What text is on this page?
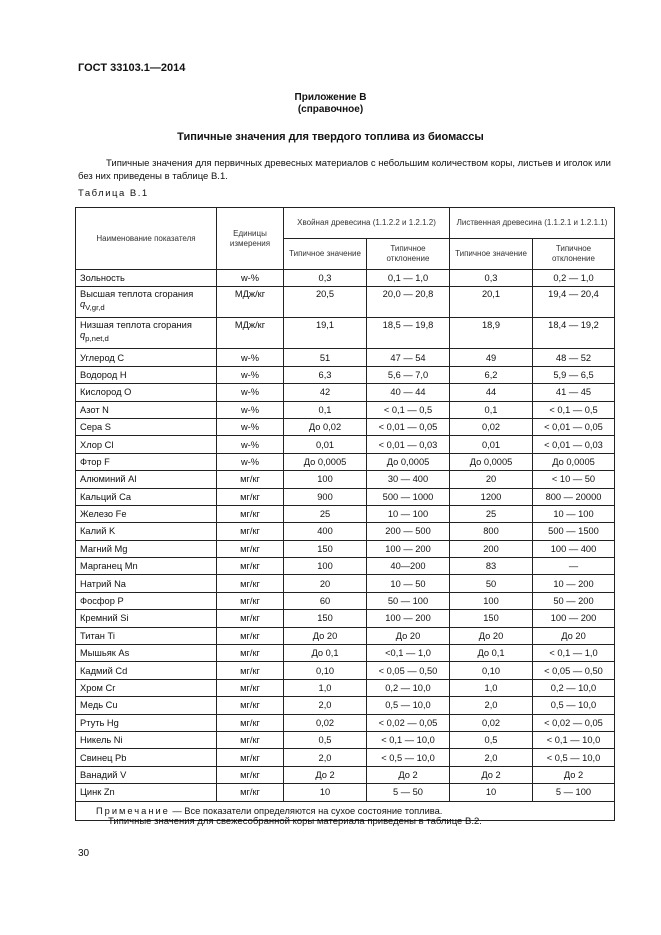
ГОСТ 33103.1—2014
Приложение В
(справочное)
Типичные значения для твердого топлива из биомассы
Типичные значения для первичных древесных материалов с небольшим количеством коры, листьев и иголок или без них приведены в таблице В.1.
Таблица В.1
Наименование показателя	Единицы измерения	Хвойная древесина (1.1.2.2 и 1.2.1.2)		Лиственная древесина (1.1.2.1 и 1.2.1.1)	
		Типичное значение	Типичное отклонение	Типичное значение	Типичное отклонение
Зольность	w-%	0,3	0,1 — 1,0	0,3	0,2 — 1,0
Высшая теплота сгорания
$q_{V,gr,d}$	МДж/кг	20,5	20,0 — 20,8	20,1	19,4 — 20,4
Низшая теплота сгорания
$q_{p,net,d}$	МДж/кг	19,1	18,5 — 19,8	18,9	18,4 — 19,2
Углерод C	w-%	51	47 — 54	49	48 — 52
Водород H	w-%	6,3	5,6 — 7,0	6,2	5,9 — 6,5
Кислород O	w-%	42	40 — 44	44	41 — 45
Азот N	w-%	0,1	< 0,1 — 0,5	0,1	< 0,1 — 0,5
Сера S	w-%	До 0,02	< 0,01 — 0,05	0,02	< 0,01 — 0,05
Хлор Cl	w-%	0,01	< 0,01 — 0,03	0,01	< 0,01 — 0,03
Фтор F	w-%	До 0,0005	До 0,0005	До 0,0005	До 0,0005
Алюминий Al	мг/кг	100	30 — 400	20	< 10 — 50
Кальций Ca	мг/кг	900	500 — 1000	1200	800 — 20000
Железо Fe	мг/кг	25	10 — 100	25	10 — 100
Калий K	мг/кг	400	200 — 500	800	500 — 1500
Магний Mg	мг/кг	150	100 — 200	200	100 — 400
Марганец Mn	мг/кг	100	40—200	83	—
Натрий Na	мг/кг	20	10 — 50	50	10 — 200
Фосфор P	мг/кг	60	50 — 100	100	50 — 200
Кремний Si	мг/кг	150	100 — 200	150	100 — 200
Титан Ti	мг/кг	До 20	До 20	До 20	До 20
Мышьяк As	мг/кг	До 0,1	<0,1 — 1,0	До 0,1	< 0,1 — 1,0
Кадмий Cd	мг/кг	0,10	< 0,05 — 0,50	0,10	< 0,05 — 0,50
Хром Cr	мг/кг	1,0	0,2 — 10,0	1,0	0,2 — 10,0
Медь Cu	мг/кг	2,0	0,5 — 10,0	2,0	0,5 — 10,0
Ртуть Hg	мг/кг	0,02	< 0,02 — 0,05	0,02	< 0,02 — 0,05
Никель Ni	мг/кг	0,5	< 0,1 — 10,0	0,5	< 0,1 — 10,0
Свинец Pb	мг/кг	2,0	< 0,5 — 10,0	2,0	< 0,5 — 10,0
Ванадий V	мг/кг	До 2	До 2	До 2	До 2
Цинк Zn	мг/кг	10	5 — 50	10	5 — 100
Примечание — Все показатели определяются на сухое состояние топлива.					
Типичные значения для свежесобранной коры материала приведены в таблице В.2.
30
